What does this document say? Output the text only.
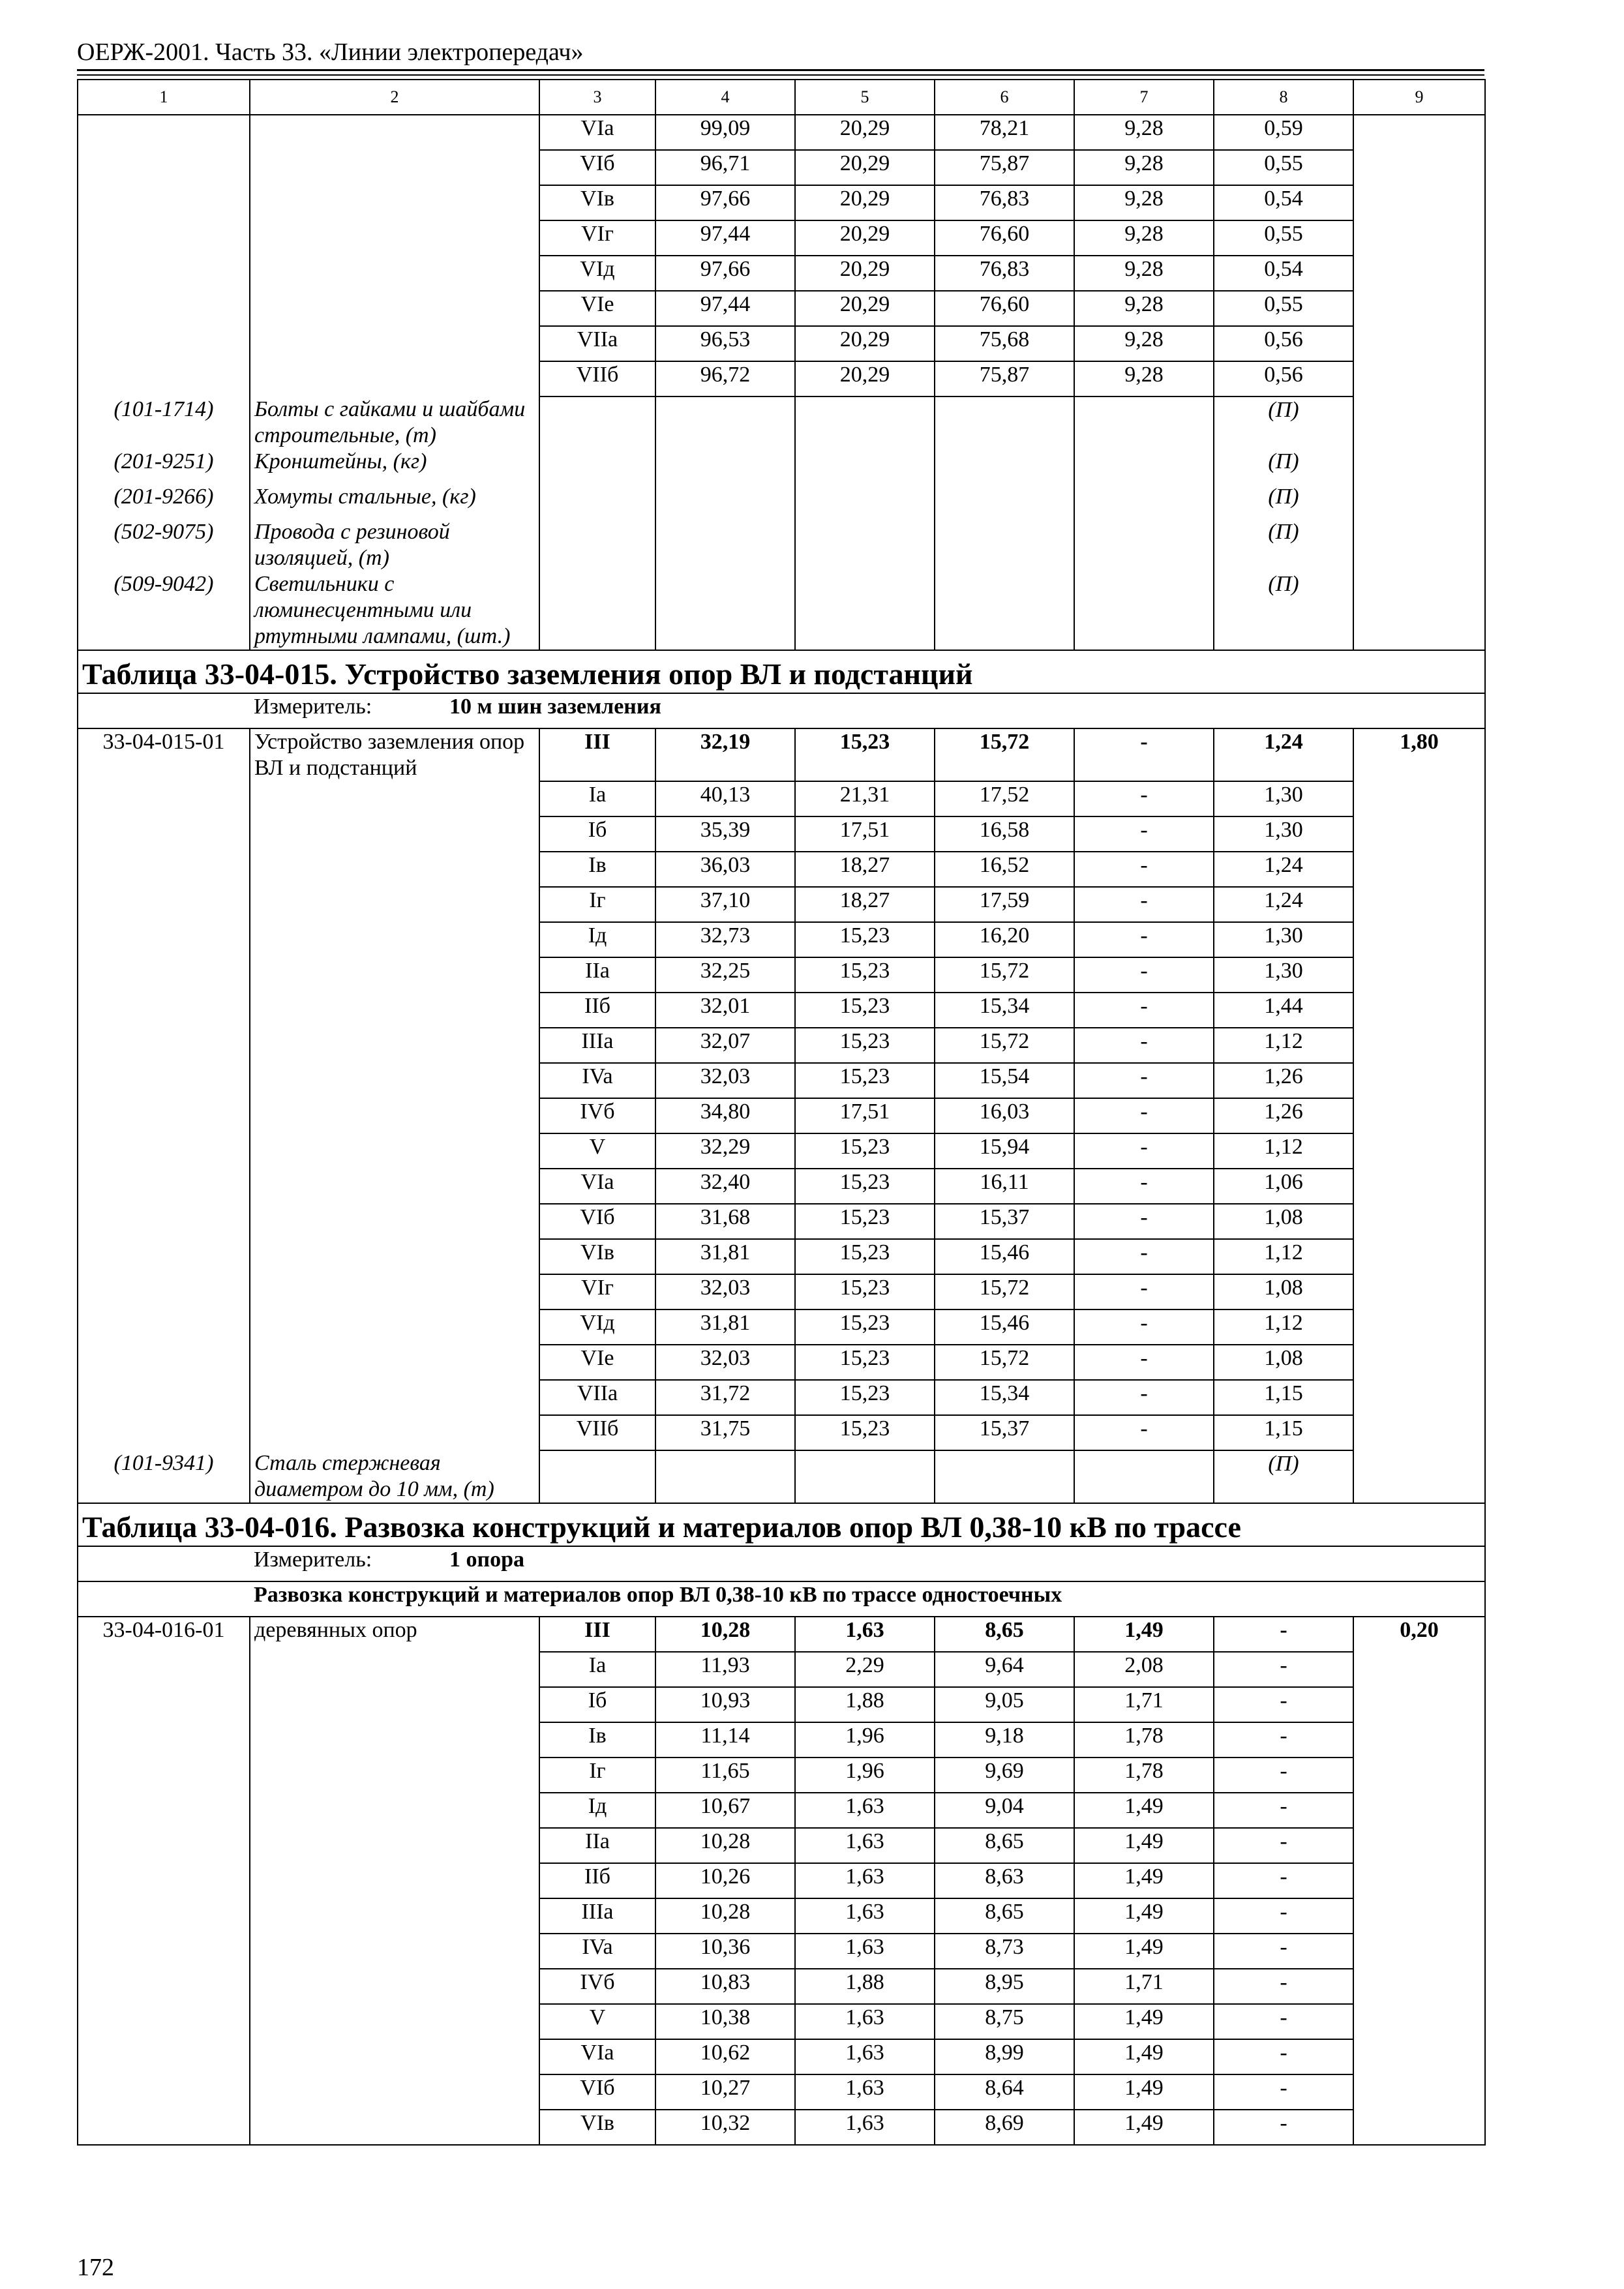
ОЕРЖ-2001. Часть 33. «Линии электропередач»
1	2	3	4	5	6	7	8	9
		VIa	99,09	20,29	78,21	9,28	0,59	
		VIб	96,71	20,29	75,87	9,28	0,55	
		VIв	97,66	20,29	76,83	9,28	0,54	
		VIг	97,44	20,29	76,60	9,28	0,55	
		VIд	97,66	20,29	76,83	9,28	0,54	
		VIe	97,44	20,29	76,60	9,28	0,55	
		VIIa	96,53	20,29	75,68	9,28	0,56	
		VIIб	96,72	20,29	75,87	9,28	0,56	
(101-1714)	Болты с гайками и шайбами строительные, (т)						(П)	
(201-9251)	Кронштейны, (кг)						(П)	
(201-9266)	Хомуты стальные, (кг)						(П)	
(502-9075)	Провода с резиновой изоляцией, (т)						(П)	
(509-9042)	Светильники с люминесцентными или ртутными лампами, (шт.)						(П)	
Таблица 33-04-015. Устройство заземления опор ВЛ и подстанций								
	Измеритель: 10 м шин заземления							
33-04-015-01	Устройство заземления опор ВЛ и подстанций	III	32,19	15,23	15,72	-	1,24	1,80
		Ia	40,13	21,31	17,52	-	1,30	
		Iб	35,39	17,51	16,58	-	1,30	
		Iв	36,03	18,27	16,52	-	1,24	
		Iг	37,10	18,27	17,59	-	1,24	
		Iд	32,73	15,23	16,20	-	1,30	
		IIa	32,25	15,23	15,72	-	1,30	
		IIб	32,01	15,23	15,34	-	1,44	
		IIIa	32,07	15,23	15,72	-	1,12	
		IVa	32,03	15,23	15,54	-	1,26	
		IVб	34,80	17,51	16,03	-	1,26	
		V	32,29	15,23	15,94	-	1,12	
		VIa	32,40	15,23	16,11	-	1,06	
		VIб	31,68	15,23	15,37	-	1,08	
		VIв	31,81	15,23	15,46	-	1,12	
		VIг	32,03	15,23	15,72	-	1,08	
		VIд	31,81	15,23	15,46	-	1,12	
		VIe	32,03	15,23	15,72	-	1,08	
		VIIa	31,72	15,23	15,34	-	1,15	
		VIIб	31,75	15,23	15,37	-	1,15	
(101-9341)	Сталь стержневая диаметром до 10 мм, (т)						(П)	
Таблица 33-04-016. Развозка конструкций и материалов опор ВЛ 0,38-10 кВ по трассе								
	Измеритель: 1 опора							
	Развозка конструкций и материалов опор ВЛ 0,38-10 кВ по трассе одностоечных							
33-04-016-01	деревянных опор	III	10,28	1,63	8,65	1,49	-	0,20
		Ia	11,93	2,29	9,64	2,08	-	
		Iб	10,93	1,88	9,05	1,71	-	
		Iв	11,14	1,96	9,18	1,78	-	
		Iг	11,65	1,96	9,69	1,78	-	
		Iд	10,67	1,63	9,04	1,49	-	
		IIa	10,28	1,63	8,65	1,49	-	
		IIб	10,26	1,63	8,63	1,49	-	
		IIIa	10,28	1,63	8,65	1,49	-	
		IVa	10,36	1,63	8,73	1,49	-	
		IVб	10,83	1,88	8,95	1,71	-	
		V	10,38	1,63	8,75	1,49	-	
		VIa	10,62	1,63	8,99	1,49	-	
		VIб	10,27	1,63	8,64	1,49	-	
		VIв	10,32	1,63	8,69	1,49	-	
172
